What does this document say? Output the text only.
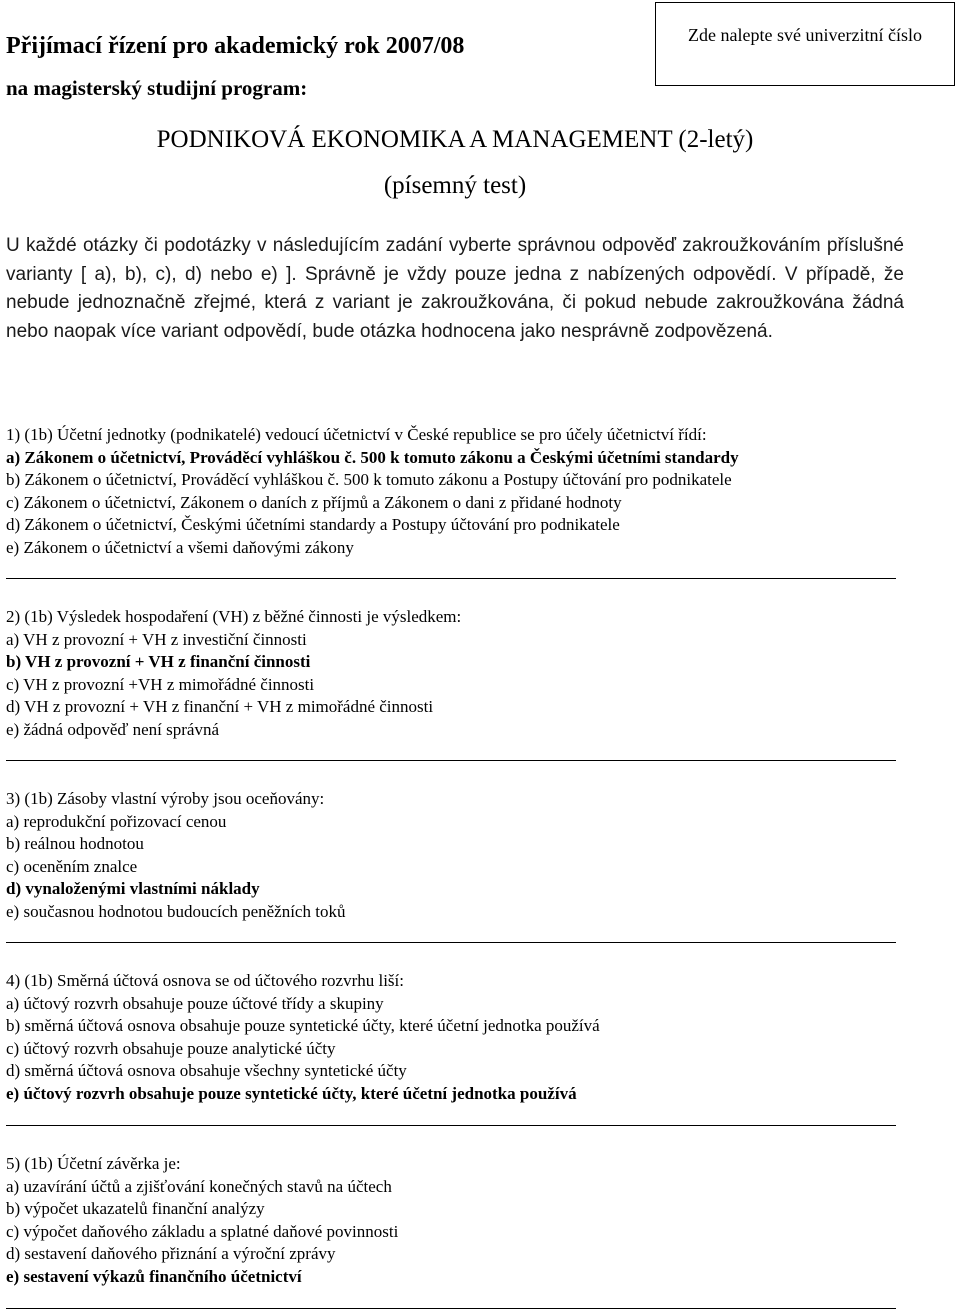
Přijímací řízení pro akademický rok 2007/08
na magisterský studijní program:
Zde nalepte své univerzitní číslo
PODNIKOVÁ EKONOMIKA A MANAGEMENT (2-letý)
(písemný test)
U každé otázky či podotázky v následujícím zadání vyberte správnou odpověď zakroužkováním příslušné varianty [ a), b), c), d) nebo e) ]. Správně je vždy pouze jedna z nabízených odpovědí. V případě, že nebude jednoznačně zřejmé, která z variant je zakroužkována, či pokud nebude zakroužkována žádná nebo naopak více variant odpovědí, bude otázka hodnocena jako nesprávně zodpovězená.
1) (1b) Účetní jednotky (podnikatelé) vedoucí účetnictví v České republice se pro účely účetnictví řídí:
a) Zákonem o účetnictví, Prováděcí vyhláškou č. 500 k tomuto zákonu a Českými účetními standardy
b) Zákonem o účetnictví, Prováděcí vyhláškou č. 500 k tomuto zákonu a Postupy účtování pro podnikatele
c) Zákonem o účetnictví, Zákonem o daních z příjmů a Zákonem o dani z přidané hodnoty
d) Zákonem o účetnictví, Českými účetními standardy a Postupy účtování pro podnikatele
e) Zákonem o účetnictví a všemi daňovými zákony
2) (1b) Výsledek hospodaření (VH) z běžné činnosti je výsledkem:
a) VH z provozní + VH z investiční činnosti
b) VH z provozní + VH z finanční činnosti
c) VH z provozní +VH z mimořádné činnosti
d) VH z provozní + VH z finanční + VH z mimořádné činnosti
e) žádná odpověď není správná
3) (1b) Zásoby vlastní výroby jsou oceňovány:
a) reprodukční pořizovací cenou
b) reálnou hodnotou
c) oceněním znalce
d) vynaloženými vlastními náklady
e) současnou hodnotou budoucích peněžních toků
4) (1b) Směrná účtová osnova se od účtového rozvrhu liší:
a) účtový rozvrh obsahuje pouze účtové třídy a skupiny
b) směrná účtová osnova obsahuje pouze syntetické účty, které účetní jednotka používá
c) účtový rozvrh obsahuje pouze analytické účty
d) směrná účtová osnova obsahuje všechny syntetické účty
e) účtový rozvrh obsahuje pouze syntetické účty, které účetní jednotka používá
5) (1b) Účetní závěrka je:
a) uzavírání účtů a zjišťování konečných stavů na účtech
b) výpočet ukazatelů finanční analýzy
c) výpočet daňového základu a splatné daňové povinnosti
d) sestavení daňového přiznání a výroční zprávy
e) sestavení výkazů finančního účetnictví
